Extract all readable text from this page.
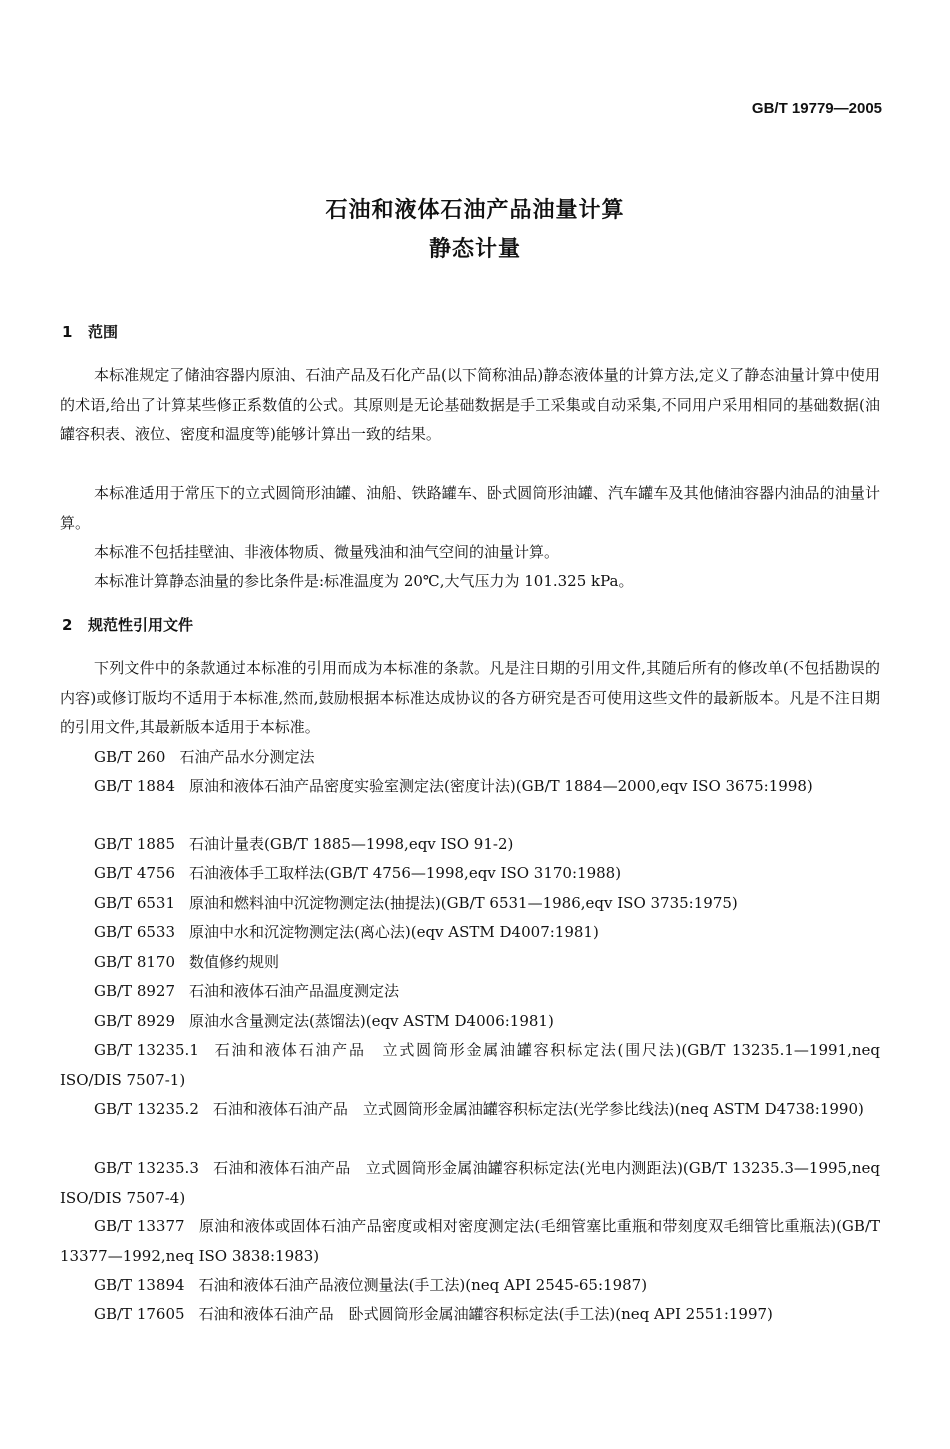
GB/T 19779—2005
石油和液体石油产品油量计算
静态计量
1 范围
本标准规定了储油容器内原油、石油产品及石化产品(以下简称油品)静态液体量的计算方法,定义了静态油量计算中使用的术语,给出了计算某些修正系数值的公式。其原则是无论基础数据是手工采集或自动采集,不同用户采用相同的基础数据(油罐容积表、液位、密度和温度等)能够计算出一致的结果。
本标准适用于常压下的立式圆筒形油罐、油船、铁路罐车、卧式圆筒形油罐、汽车罐车及其他储油容器内油品的油量计算。
本标准不包括挂壁油、非液体物质、微量残油和油气空间的油量计算。
本标准计算静态油量的参比条件是:标准温度为 20℃,大气压力为 101.325 kPa。
2 规范性引用文件
下列文件中的条款通过本标准的引用而成为本标准的条款。凡是注日期的引用文件,其随后所有的修改单(不包括勘误的内容)或修订版均不适用于本标准,然而,鼓励根据本标准达成协议的各方研究是否可使用这些文件的最新版本。凡是不注日期的引用文件,其最新版本适用于本标准。
GB/T 260 石油产品水分测定法
GB/T 1884 原油和液体石油产品密度实验室测定法(密度计法)(GB/T 1884—2000,eqv ISO 3675:1998)
GB/T 1885 石油计量表(GB/T 1885—1998,eqv ISO 91-2)
GB/T 4756 石油液体手工取样法(GB/T 4756—1998,eqv ISO 3170:1988)
GB/T 6531 原油和燃料油中沉淀物测定法(抽提法)(GB/T 6531—1986,eqv ISO 3735:1975)
GB/T 6533 原油中水和沉淀物测定法(离心法)(eqv ASTM D4007:1981)
GB/T 8170 数值修约规则
GB/T 8927 石油和液体石油产品温度测定法
GB/T 8929 原油水含量测定法(蒸馏法)(eqv ASTM D4006:1981)
GB/T 13235.1 石油和液体石油产品　立式圆筒形金属油罐容积标定法(围尺法)(GB/T 13235.1—1991,neq ISO/DIS 7507-1)
GB/T 13235.2 石油和液体石油产品　立式圆筒形金属油罐容积标定法(光学参比线法)(neq ASTM D4738:1990)
GB/T 13235.3 石油和液体石油产品　立式圆筒形金属油罐容积标定法(光电内测距法)(GB/T 13235.3—1995,neq ISO/DIS 7507-4)
GB/T 13377 原油和液体或固体石油产品密度或相对密度测定法(毛细管塞比重瓶和带刻度双毛细管比重瓶法)(GB/T 13377—1992,neq ISO 3838:1983)
GB/T 13894 石油和液体石油产品液位测量法(手工法)(neq API 2545-65:1987)
GB/T 17605 石油和液体石油产品　卧式圆筒形金属油罐容积标定法(手工法)(neq API 2551:1997)
